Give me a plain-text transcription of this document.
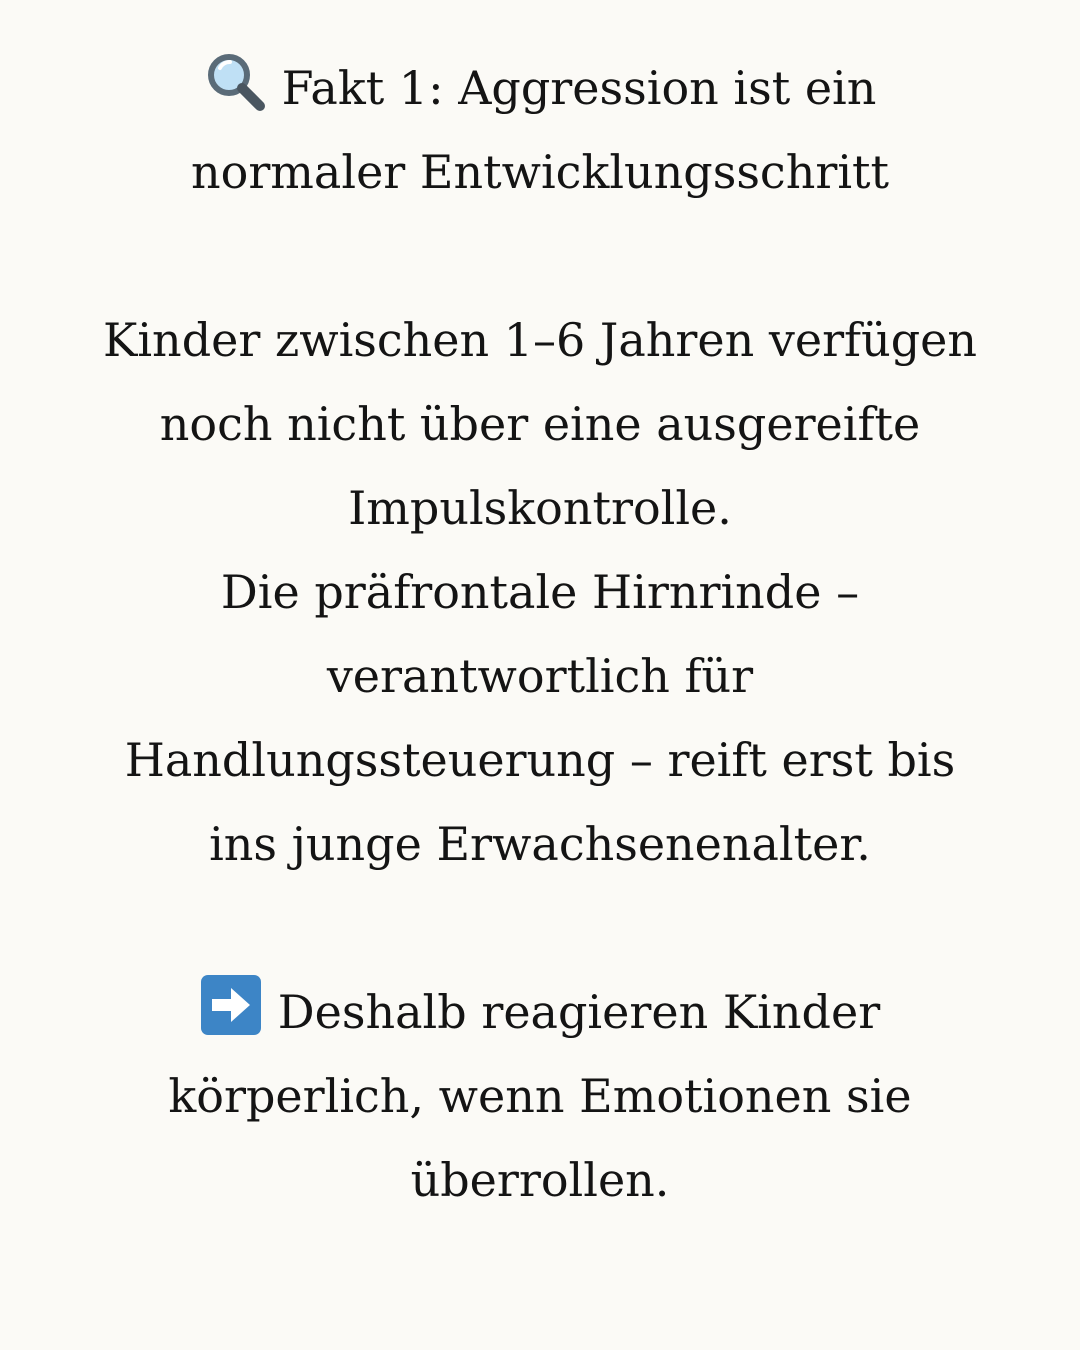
Fakt 1: Aggression ist ein
normaler Entwicklungsschritt
Kinder zwischen 1–6 Jahren verfügen
noch nicht über eine ausgereifte
Impulskontrolle.
Die präfrontale Hirnrinde –
verantwortlich für
Handlungssteuerung – reift erst bis
ins junge Erwachsenenalter.
Deshalb reagieren Kinder
körperlich, wenn Emotionen sie
überrollen.
